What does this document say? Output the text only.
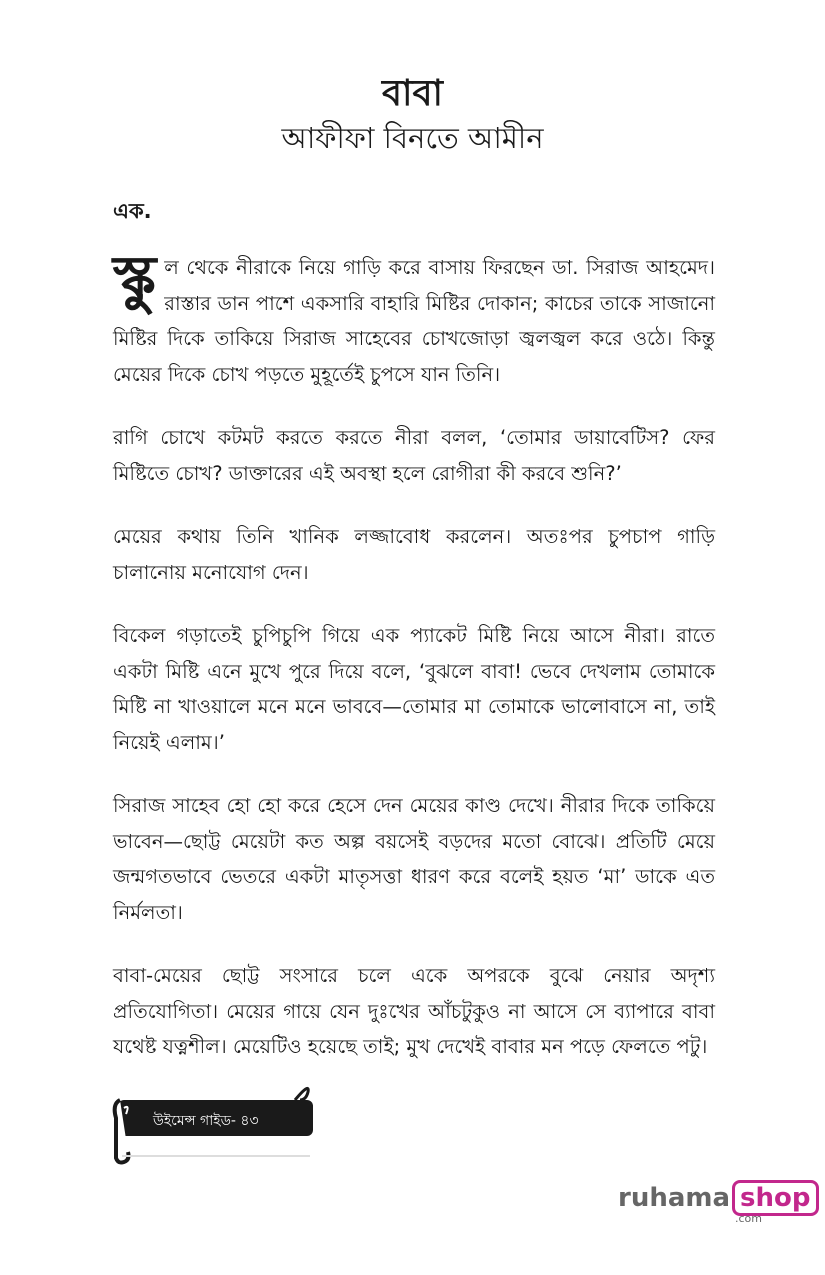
বাবা
আফীফা বিনতে আমীন
এক.

স্কু ল থেকে নীরাকে নিয়ে গাড়ি করে বাসায় ফিরছেন ডা. সিরাজ আহমেদ। রাস্তার ডান পাশে একসারি বাহারি মিষ্টির দোকান; কাচের তাকে সাজানো মিষ্টির দিকে তাকিয়ে সিরাজ সাহেবের চোখজোড়া জ্বলজ্বল করে ওঠে। কিন্তু মেয়ের দিকে চোখ পড়তে মুহূর্তেই চুপসে যান তিনি।

রাগি চোখে কটমট করতে করতে নীরা বলল, ‘তোমার ডায়াবেটিস? ফের মিষ্টিতে চোখ? ডাক্তারের এই অবস্থা হলে রোগীরা কী করবে শুনি?’

মেয়ের কথায় তিনি খানিক লজ্জাবোধ করলেন। অতঃপর চুপচাপ গাড়ি চালানোয় মনোযোগ দেন।

বিকেল গড়াতেই চুপিচুপি গিয়ে এক প্যাকেট মিষ্টি নিয়ে আসে নীরা। রাতে একটা মিষ্টি এনে মুখে পুরে দিয়ে বলে, ‘বুঝলে বাবা! ভেবে দেখলাম তোমাকে মিষ্টি না খাওয়ালে মনে মনে ভাববে—তোমার মা তোমাকে ভালোবাসে না, তাই নিয়েই এলাম।’

সিরাজ সাহেব হো হো করে হেসে দেন মেয়ের কাণ্ড দেখে। নীরার দিকে তাকিয়ে ভাবেন—ছোট্ট মেয়েটা কত অল্প বয়সেই বড়দের মতো বোঝে। প্রতিটি মেয়ে জন্মগতভাবে ভেতরে একটা মাতৃসত্তা ধারণ করে বলেই হয়ত ‘মা’ ডাকে এত নির্মলতা।

বাবা-মেয়ের ছোট্ট সংসারে চলে একে অপরকে বুঝে নেয়ার অদৃশ্য প্রতিযোগিতা। মেয়ের গায়ে যেন দুঃখের আঁচটুকুও না আসে সে ব্যাপারে বাবা যথেষ্ট যত্নশীল। মেয়েটিও হয়েছে তাই; মুখ দেখেই বাবার মন পড়ে ফেলতে পটু।

উইমেন্স গাইড- ৪৩
ruhama shop
.com
